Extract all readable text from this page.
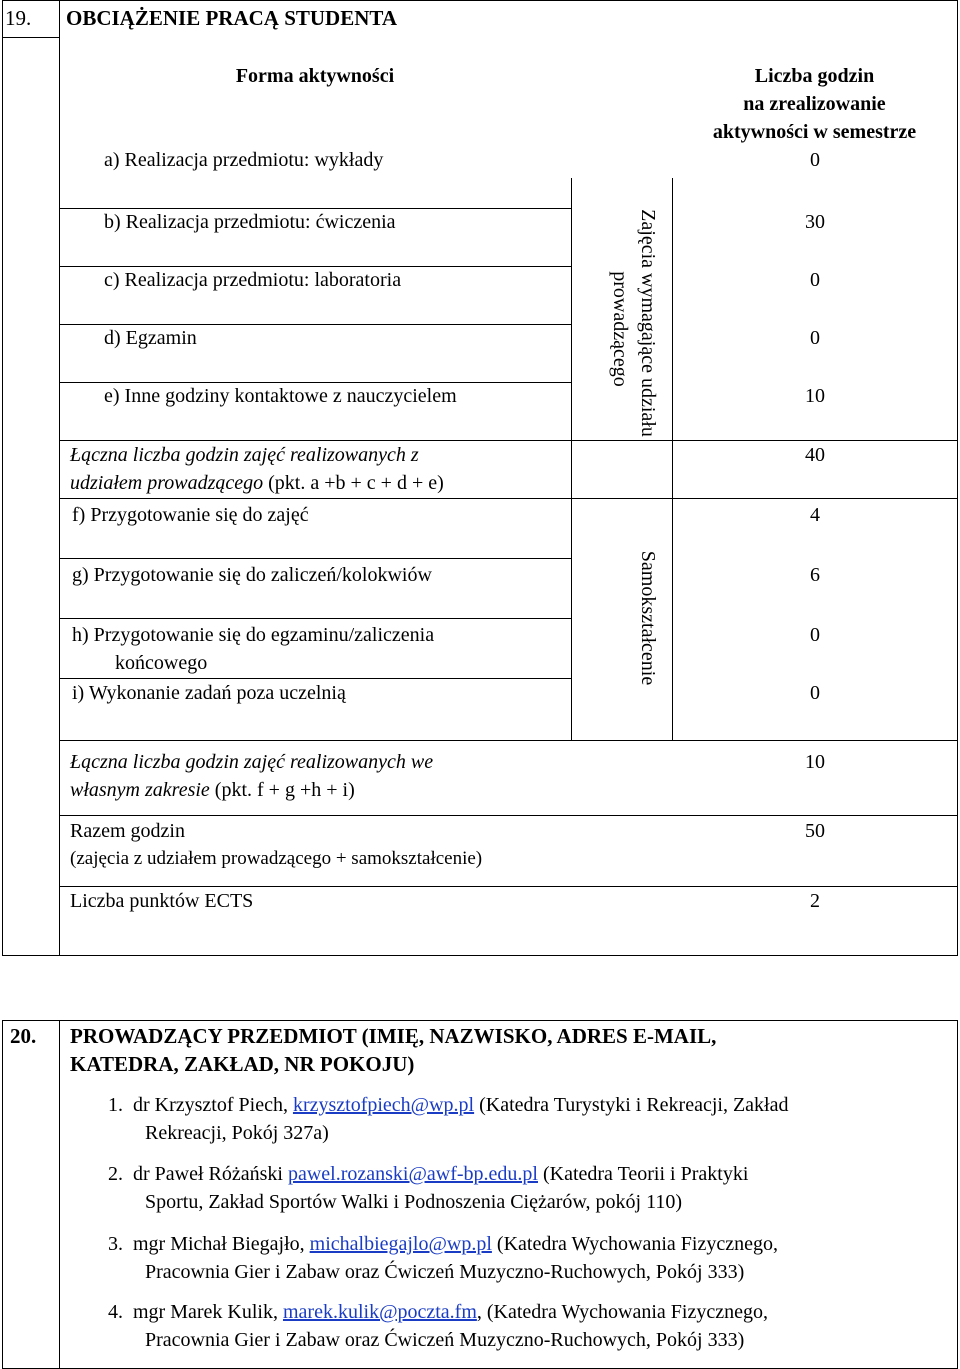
19. OBCIĄŻENIE PRACĄ STUDENTA
Forma aktywności	Liczba godzin
na zrealizowanie
aktywności w semestrze
Zajęcia wymagające udziału
prowadzącego
Samokształcenie
a) Realizacja przedmiotu: wykłady	0
b) Realizacja przedmiotu: ćwiczenia	30
c) Realizacja przedmiotu: laboratoria	0
d) Egzamin	0
e) Inne godziny kontaktowe z nauczycielem	10
Łączna liczba godzin zajęć realizowanych z
udziałem prowadzącego (pkt. a +b + c + d + e)
40
f) Przygotowanie się do zajęć	4
g) Przygotowanie się do zaliczeń/kolokwiów	6
h) Przygotowanie się do egzaminu/zaliczenia
końcowego
0
i) Wykonanie zadań poza uczelnią	0
Łączna liczba godzin zajęć realizowanych we
własnym zakresie (pkt. f + g +h + i)
10
Razem godzin
(zajęcia z udziałem prowadzącego + samokształcenie)
50
Liczba punktów ECTS	2
20. PROWADZĄCY PRZEDMIOT (IMIĘ, NAZWISKO, ADRES E-MAIL,
KATEDRA, ZAKŁAD, NR POKOJU)
1. dr Krzysztof Piech, krzysztofpiech@wp.pl (Katedra Turystyki i Rekreacji, Zakład
Rekreacji, Pokój 327a)
2. dr Paweł Różański pawel.rozanski@awf-bp.edu.pl (Katedra Teorii i Praktyki
Sportu, Zakład Sportów Walki i Podnoszenia Ciężarów, pokój 110)
3. mgr Michał Biegajło, michalbiegajlo@wp.pl (Katedra Wychowania Fizycznego,
Pracownia Gier i Zabaw oraz Ćwiczeń Muzyczno-Ruchowych, Pokój 333)
4. mgr Marek Kulik, marek.kulik@poczta.fm, (Katedra Wychowania Fizycznego,
Pracownia Gier i Zabaw oraz Ćwiczeń Muzyczno-Ruchowych, Pokój 333)
